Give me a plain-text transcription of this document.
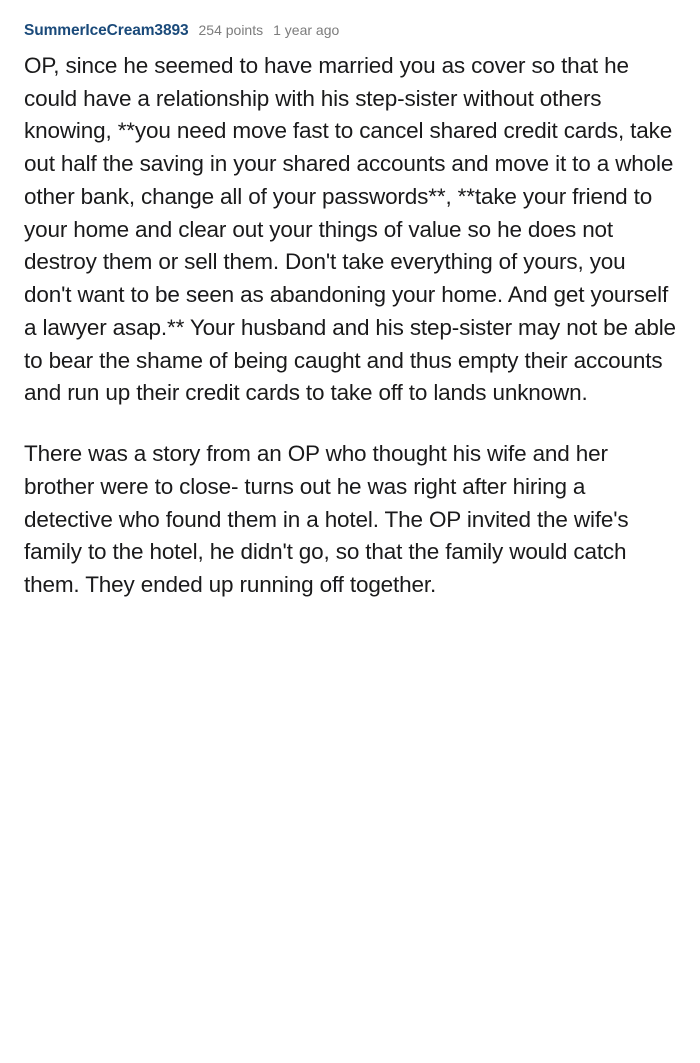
SummerIceCream3893 254 points 1 year ago

OP, since he seemed to have married you as cover so that he could have a relationship with his step-sister without others knowing, **you need move fast to cancel shared credit cards, take out half the saving in your shared accounts and move it to a whole other bank, change all of your passwords**, **take your friend to your home and clear out your things of value so he does not destroy them or sell them. Don't take everything of yours, you don't want to be seen as abandoning your home. And get yourself a lawyer asap.** Your husband and his step-sister may not be able to bear the shame of being caught and thus empty their accounts and run up their credit cards to take off to lands unknown.

There was a story from an OP who thought his wife and her brother were to close- turns out he was right after hiring a detective who found them in a hotel. The OP invited the wife's family to the hotel, he didn't go, so that the family would catch them. They ended up running off together.
